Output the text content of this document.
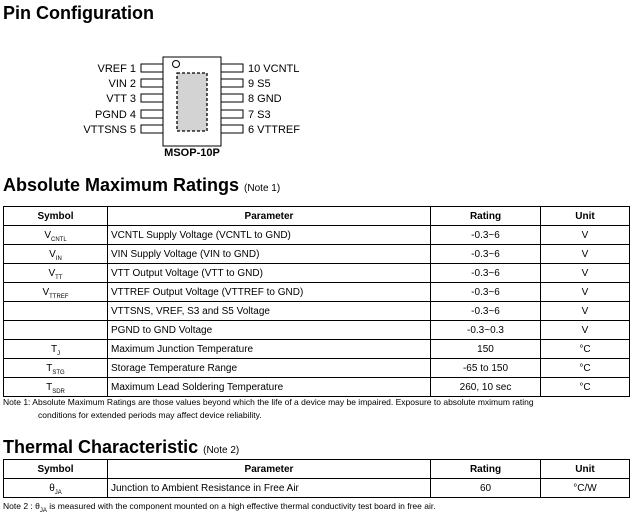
Pin Configuration
VREF 1
VIN 2
VTT 3
PGND 4
VTTSNS 5
10 VCNTL
9 S5
8 GND
7 S3
6 VTTREF
MSOP-10P
Absolute Maximum Ratings (Note 1)
Symbol	Parameter	Rating	Unit
$V_{CNTL}$	VCNTL Supply Voltage (VCNTL to GND)	-0.3~6	V
$V_{IN}$	VIN Supply Voltage (VIN to GND)	-0.3~6	V
$V_{TT}$	VTT Output Voltage (VTT to GND)	-0.3~6	V
$V_{TTREF}$	VTTREF Output Voltage (VTTREF to GND)	-0.3~6	V
	VTTSNS, VREF, S3 and S5 Voltage	-0.3~6	V
	PGND to GND Voltage	-0.3~0.3	V
$T_J$	Maximum Junction Temperature	150	°C
$T_{STG}$	Storage Temperature Range	-65 to 150	°C
$T_{SDR}$	Maximum Lead Soldering Temperature	260, 10 sec	°C
Note 1: Absolute Maximum Ratings are those values beyond which the life of a device may be impaired. Exposure to absolute mximum rating
conditions for extended periods may affect device reliability.
Thermal Characteristic (Note 2)
Symbol	Parameter	Rating	Unit
$\theta_{JA}$	Junction to Ambient Resistance in Free Air	60	°C/W
Note 2 : $\theta_{JA}$ is measured with the component mounted on a high effective thermal conductivity test board in free air.
